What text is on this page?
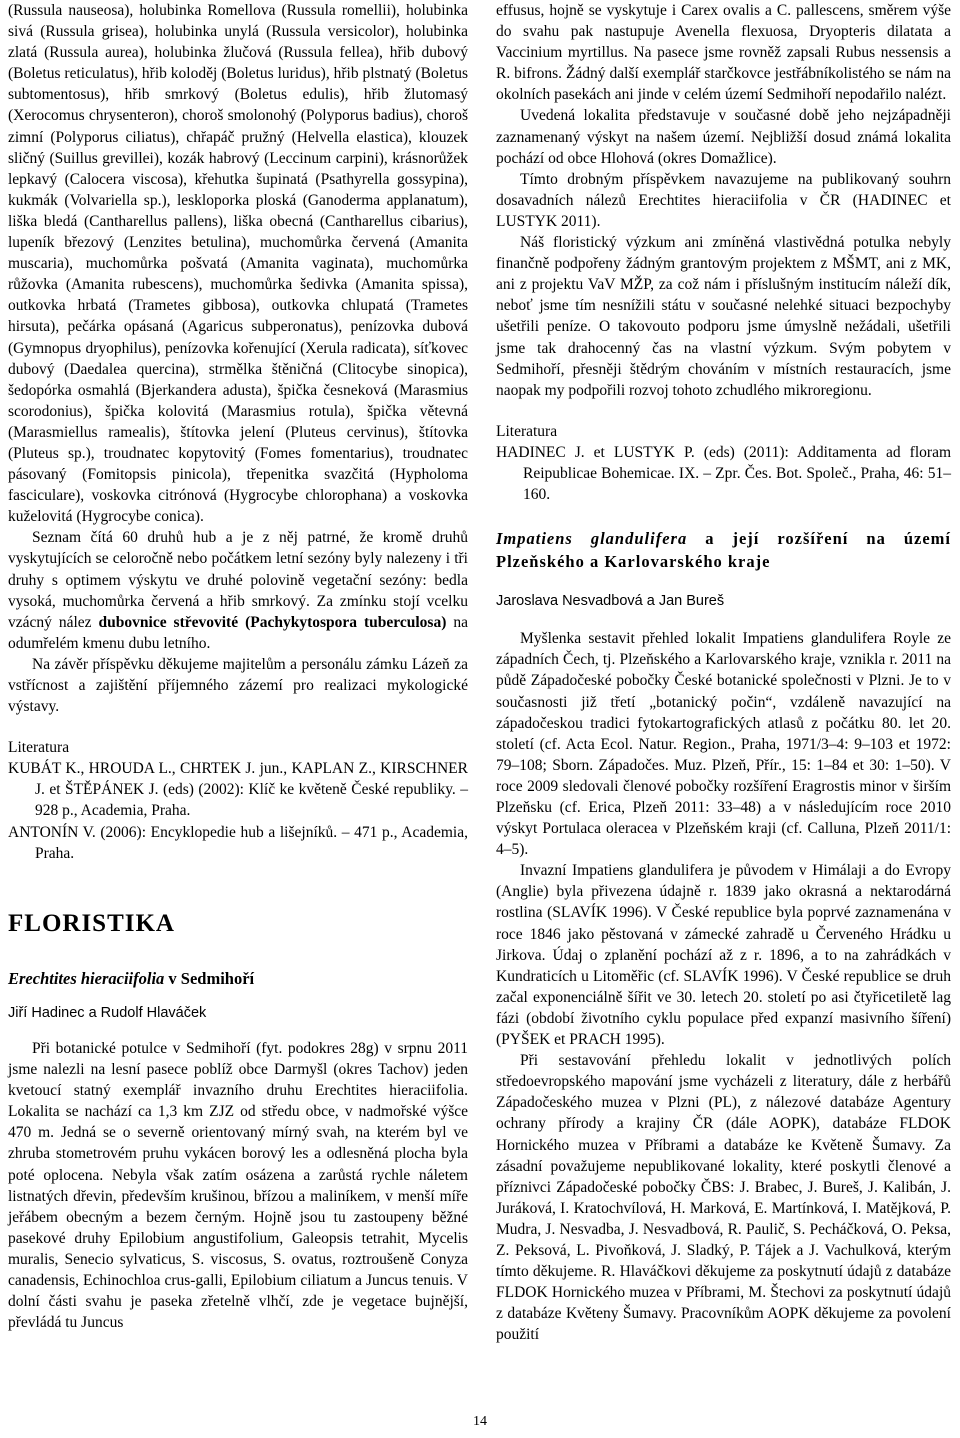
(Russula nauseosa), holubinka Romellova (Russula romellii), holubinka sivá (Russula grisea), holubinka unylá (Russula versicolor), holubinka zlatá (Russula aurea), holubinka žlučová (Russula fellea), hřib dubový (Boletus reticulatus), hřib koloděj (Boletus luridus), hřib plstnatý (Boletus subtomentosus), hřib smrkový (Boletus edulis), hřib žlutomasý (Xerocomus chrysenteron), choroš smolonohý (Polyporus badius), choroš zimní (Polyporus ciliatus), chřapáč pružný (Helvella elastica), klouzek sličný (Suillus grevillei), kozák habrový (Leccinum carpini), krásnorůžek lepkavý (Calocera viscosa), křehutka šupinatá (Psathyrella gossypina), kukmák (Volvariella sp.), leskloporka ploská (Ganoderma applanatum), liška bledá (Cantharellus pallens), liška obecná (Cantharellus cibarius), lupeník březový (Lenzites betulina), muchomůrka červená (Amanita muscaria), muchomůrka pošvatá (Amanita vaginata), muchomůrka růžovka (Amanita rubescens), muchomůrka šedivka (Amanita spissa), outkovka hrbatá (Trametes gibbosa), outkovka chlupatá (Trametes hirsuta), pečárka opásaná (Agaricus subperonatus), penízovka dubová (Gymnopus dryophilus), penízovka kořenující (Xerula radicata), síťkovec dubový (Daedalea quercina), strmělka štěničná (Clitocybe sinopica), šedopórka osmahlá (Bjerkandera adusta), špička česneková (Marasmius scorodonius), špička kolovitá (Marasmius rotula), špička větevná (Marasmiellus ramealis), štítovka jelení (Pluteus cervinus), štítovka (Pluteus sp.), troudnatec kopytovitý (Fomes fomentarius), troudnatec pásovaný (Fomitopsis pinicola), třepenitka svazčitá (Hypholoma fasciculare), voskovka citrónová (Hygrocybe chlorophana) a voskovka kuželovitá (Hygrocybe conica).

Seznam čítá 60 druhů hub a je z něj patrné, že kromě druhů vyskytujících se celoročně nebo počátkem letní sezóny byly nalezeny i tři druhy s optimem výskytu ve druhé polovině vegetační sezóny: bedla vysoká, muchomůrka červená a hřib smrkový. Za zmínku stojí vcelku vzácný nález dubovnice střevovité (Pachykytospora tuberculosa) na odumřelém kmenu dubu letního.

Na závěr příspěvku děkujeme majitelům a personálu zámku Lázeň za vstřícnost a zajištění příjemného zázemí pro realizaci mykologické výstavy.

Literatura

KUBÁT K., HROUDA L., CHRTEK J. jun., KAPLAN Z., KIRSCHNER J. et ŠTĚPÁNEK J. (eds) (2002): Klíč ke květeně České republiky. – 928 p., Academia, Praha.

ANTONÍN V. (2006): Encyklopedie hub a lišejníků. – 471 p., Academia, Praha.

FLORISTIKA
Erechtites hieraciifolia v Sedmihoří
Jiří Hadinec a Rudolf Hlaváček

Při botanické potulce v Sedmihoří (fyt. podokres 28g) v srpnu 2011 jsme nalezli na lesní pasece poblíž obce Darmyšl (okres Tachov) jeden kvetoucí statný exemplář invazního druhu Erechtites hieraciifolia. Lokalita se nachází ca 1,3 km ZJZ od středu obce, v nadmořské výšce 470 m. Jedná se o severně orientovaný mírný svah, na kterém byl ve zhruba stometrovém pruhu vykácen borový les a odlesněná plocha byla poté oplocena. Nebyla však zatím osázena a zarůstá rychle náletem listnatých dřevin, především krušinou, břízou a maliníkem, v menší míře jeřábem obecným a bezem černým. Hojně jsou tu zastoupeny běžné pasekové druhy Epilobium angustifolium, Galeopsis tetrahit, Mycelis muralis, Senecio sylvaticus, S. viscosus, S. ovatus, roztroušeně Conyza canadensis, Echinochloa crus-galli, Epilobium ciliatum a Juncus tenuis. V dolní části svahu je paseka zřetelně vlhčí, zde je vegetace bujnější, převládá tu Juncus

effusus, hojně se vyskytuje i Carex ovalis a C. pallescens, směrem výše do svahu pak nastupuje Avenella flexuosa, Dryopteris dilatata a Vaccinium myrtillus. Na pasece jsme rovněž zapsali Rubus nessensis a R. bifrons. Žádný další exemplář starčkovce jestřábníkolistého se nám na okolních pasekách ani jinde v celém území Sedmihoří nepodařilo nalézt.

Uvedená lokalita představuje v současné době jeho nejzápadněji zaznamenaný výskyt na našem území. Nejbližší dosud známá lokalita pochází od obce Hlohová (okres Domažlice).

Tímto drobným příspěvkem navazujeme na publikovaný souhrn dosavadních nálezů Erechtites hieraciifolia v ČR (HADINEC et LUSTYK 2011).

Náš floristický výzkum ani zmíněná vlastivědná potulka nebyly finančně podpořeny žádným grantovým projektem z MŠMT, ani z MK, ani z projektu VaV MŽP, za což nám i příslušným institucím náleží dík, neboť jsme tím nesnížili státu v současné nelehké situaci bezpochyby ušetřili peníze. O takovouto podporu jsme úmyslně nežádali, ušetřili jsme tak drahocenný čas na vlastní výzkum. Svým pobytem v Sedmihoří, přesněji štědrým chováním v místních restauracích, jsme naopak my podpořili rozvoj tohoto zchudlého mikroregionu.

Literatura

HADINEC J. et LUSTYK P. (eds) (2011): Additamenta ad floram Reipublicae Bohemicae. IX. – Zpr. Čes. Bot. Společ., Praha, 46: 51–160.

Impatiens glandulifera a její rozšíření na území Plzeňského a Karlovarského kraje
Jaroslava Nesvadbová a Jan Bureš

Myšlenka sestavit přehled lokalit Impatiens glandulifera Royle ze západních Čech, tj. Plzeňského a Karlovarského kraje, vznikla r. 2011 na půdě Západočeské pobočky České botanické společnosti v Plzni. Je to v současnosti již třetí „botanický počin“, vzdáleně navazující na západočeskou tradici fytokartografických atlasů z počátku 80. let 20. století (cf. Acta Ecol. Natur. Region., Praha, 1971/3–4: 9–103 et 1972: 79–108; Sborn. Západočes. Muz. Plzeň, Přír., 15: 1–84 et 30: 1–50). V roce 2009 sledovali členové pobočky rozšíření Eragrostis minor v širším Plzeňsku (cf. Erica, Plzeň 2011: 33–48) a v následujícím roce 2010 výskyt Portulaca oleracea v Plzeňském kraji (cf. Calluna, Plzeň 2011/1: 4–5).

Invazní Impatiens glandulifera je původem v Himálaji a do Evropy (Anglie) byla přivezena údajně r. 1839 jako okrasná a nektarodárná rostlina (SLAVÍK 1996). V České republice byla poprvé zaznamenána v roce 1846 jako pěstovaná v zámecké zahradě u Červeného Hrádku u Jirkova. Údaj o zplanění pochází až z r. 1896, a to na zahrádkách v Kundraticích u Litoměřic (cf. SLAVÍK 1996). V České republice se druh začal exponenciálně šířit ve 30. letech 20. století po asi čtyřicetiletě lag fázi (období životního cyklu populace před expanzí masivního šíření) (PYŠEK et PRACH 1995).

Při sestavování přehledu lokalit v jednotlivých polích středoevropského mapování jsme vycházeli z literatury, dále z herbářů Západočeského muzea v Plzni (PL), z nálezové databáze Agentury ochrany přírody a krajiny ČR (dále AOPK), databáze FLDOK Hornického muzea v Příbrami a databáze ke Květeně Šumavy. Za zásadní považujeme nepublikované lokality, které poskytli členové a příznivci Západočeské pobočky ČBS: J. Brabec, J. Bureš, J. Kalibán, J. Juráková, I. Kratochvílová, H. Marková, E. Martínková, I. Matějková, P. Mudra, J. Nesvadba, J. Nesvadbová, R. Paulič, S. Pecháčková, O. Peksa, Z. Peksová, L. Pivoňková, J. Sladký, P. Tájek a J. Vachulková, kterým tímto děkujeme. R. Hlaváčkovi děkujeme za poskytnutí údajů z databáze FLDOK Hornického muzea v Příbrami, M. Štechovi za poskytnutí údajů z databáze Květeny Šumavy. Pracovníkům AOPK děkujeme za povolení použití

14
